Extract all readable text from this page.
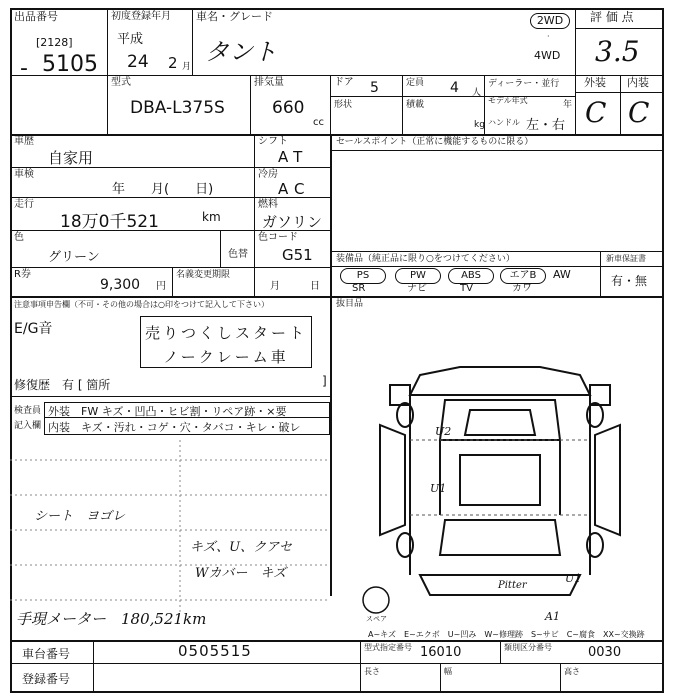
出品番号
[2128]
- 5105
初度登録年月
平成
24 2 月
車名・グレード
タント
2WD
·
4WD
評 価 点
3.5
型式
DBA-L375S
排気量
660
cc
ドア 5	定員 4 人
ディーラー・並行
形状	積載
kg
モデル年式	年
ハンドル 左・右
外装 内装
C C
車歴
自家用
シフト
AT
車検
年　　月(　　日)
冷房
AC
走行
18万0千521	km
燃料
ガソリン
色
グリーン	色替
色コード
G51
R券
9,300 円
名義変更期限
月	日
セールスポイント（正常に機能するものに限る）
装備品（純正品に限り○をつけてください）	新車保証書
有・無
PS	PW	ABS	エアB	AW
SR	ナビ	TV	カワ
抜目品
注意事項申告欄（不可・その他の場合は○印をつけて記入して下さい）
E/G音	売りつくしスタート
ノークレーム車
修復歴　有 [ 箇所	]
検査員
記入欄
外装　FW キズ・凹凸・ヒビ割・リペア跡・×要
内装　キズ・汚れ・コゲ・穴・タバコ・キレ・破レ
シート　ヨゴレ
キズ、U、クアセ
Wカバー　キズ
手現メーター　180,521km
U2
U1
U1
Pitter
A1
スペア
A~キズ　E~エクボ　U~凹み　W~修理跡　S~サビ　C~腐食　XX~交換跡
車台番号	0505515
登録番号
型式指定番号 16010	類別区分番号	0030
長さ	幅	高さ
